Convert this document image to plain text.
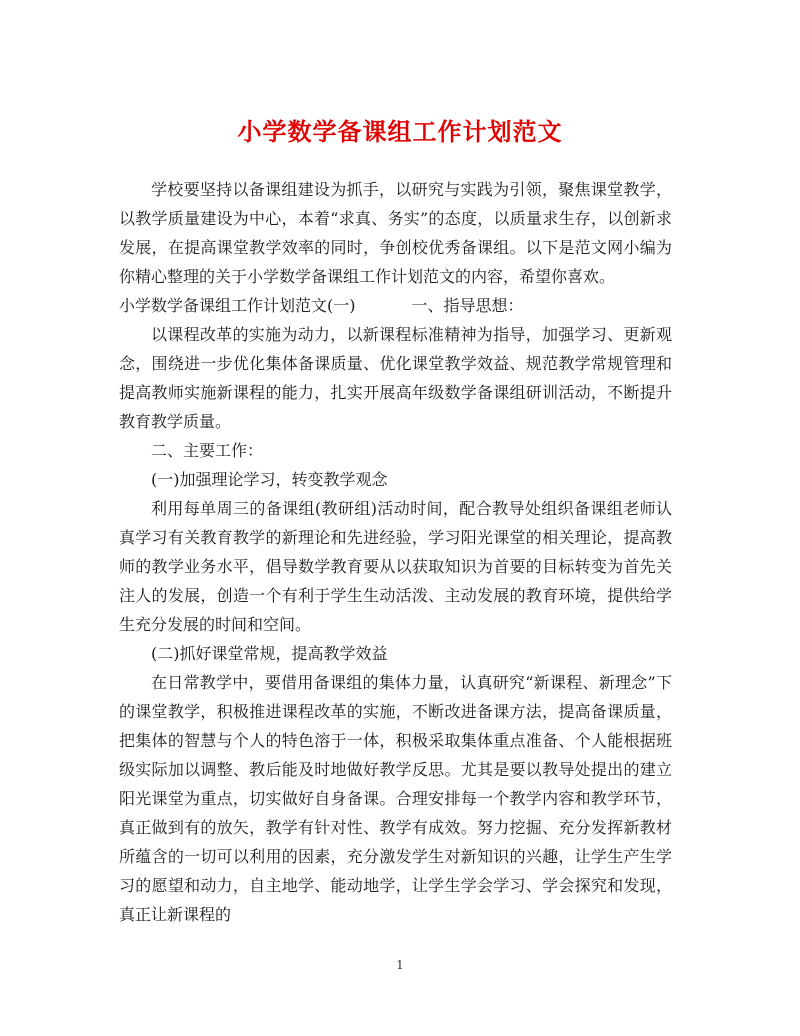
小学数学备课组工作计划范文

学校要坚持以备课组建设为抓手，以研究与实践为引领，聚焦课堂教学，以教学质量建设为中心，本着“求真、务实”的态度，以质量求生存，以创新求发展，在提高课堂教学效率的同时，争创校优秀备课组。以下是范文网小编为你精心整理的关于小学数学备课组工作计划范文的内容，希望你喜欢。

小学数学备课组工作计划范文(一)	一、指导思想：

以课程改革的实施为动力，以新课程标准精神为指导，加强学习、更新观念，围绕进一步优化集体备课质量、优化课堂教学效益、规范教学常规管理和提高教师实施新课程的能力，扎实开展高年级数学备课组研训活动，不断提升教育教学质量。

二、主要工作：

(一)加强理论学习，转变教学观念

利用每单周三的备课组(教研组)活动时间，配合教导处组织备课组老师认真学习有关教育教学的新理论和先进经验，学习阳光课堂的相关理论，提高教师的教学业务水平，倡导数学教育要从以获取知识为首要的目标转变为首先关注人的发展，创造一个有利于学生生动活泼、主动发展的教育环境，提供给学生充分发展的时间和空间。

(二)抓好课堂常规，提高教学效益

在日常教学中，要借用备课组的集体力量，认真研究“新课程、新理念”下的课堂教学，积极推进课程改革的实施，不断改进备课方法，提高备课质量，把集体的智慧与个人的特色溶于一体，积极采取集体重点准备、个人能根据班级实际加以调整、教后能及时地做好教学反思。尤其是要以教导处提出的建立阳光课堂为重点，切实做好自身备课。合理安排每一个教学内容和教学环节，真正做到有的放矢，教学有针对性、教学有成效。努力挖掘、充分发挥新教材所蕴含的一切可以利用的因素，充分激发学生对新知识的兴趣，让学生产生学习的愿望和动力，自主地学、能动地学，让学生学会学习、学会探究和发现，真正让新课程的

1
